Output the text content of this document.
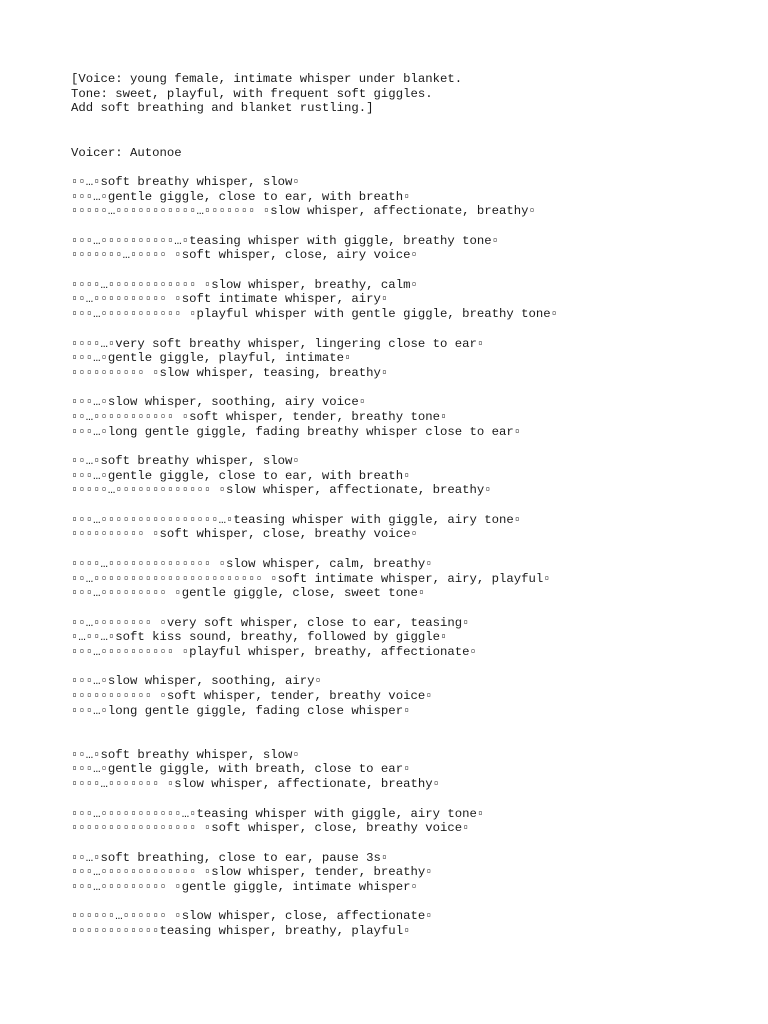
[Voice: young female, intimate whisper under blanket.
Tone: sweet, playful, with frequent soft giggles.
Add soft breathing and blanket rustling.]
Voicer: Autonoe
▫▫…▫soft breathy whisper, slow▫
▫▫▫…▫gentle giggle, close to ear, with breath▫
▫▫▫▫▫…▫▫▫▫▫▫▫▫▫▫▫…▫▫▫▫▫▫▫ ▫slow whisper, affectionate, breathy▫
▫▫▫…▫▫▫▫▫▫▫▫▫▫…▫teasing whisper with giggle, breathy tone▫
▫▫▫▫▫▫▫…▫▫▫▫▫ ▫soft whisper, close, airy voice▫
▫▫▫▫…▫▫▫▫▫▫▫▫▫▫▫▫ ▫slow whisper, breathy, calm▫
▫▫…▫▫▫▫▫▫▫▫▫▫ ▫soft intimate whisper, airy▫
▫▫▫…▫▫▫▫▫▫▫▫▫▫▫ ▫playful whisper with gentle giggle, breathy tone▫
▫▫▫▫…▫very soft breathy whisper, lingering close to ear▫
▫▫▫…▫gentle giggle, playful, intimate▫
▫▫▫▫▫▫▫▫▫▫ ▫slow whisper, teasing, breathy▫
▫▫▫…▫slow whisper, soothing, airy voice▫
▫▫…▫▫▫▫▫▫▫▫▫▫▫ ▫soft whisper, tender, breathy tone▫
▫▫▫…▫long gentle giggle, fading breathy whisper close to ear▫
▫▫…▫soft breathy whisper, slow▫
▫▫▫…▫gentle giggle, close to ear, with breath▫
▫▫▫▫▫…▫▫▫▫▫▫▫▫▫▫▫▫▫ ▫slow whisper, affectionate, breathy▫
▫▫▫…▫▫▫▫▫▫▫▫▫▫▫▫▫▫▫▫…▫teasing whisper with giggle, airy tone▫
▫▫▫▫▫▫▫▫▫▫ ▫soft whisper, close, breathy voice▫
▫▫▫▫…▫▫▫▫▫▫▫▫▫▫▫▫▫▫ ▫slow whisper, calm, breathy▫
▫▫…▫▫▫▫▫▫▫▫▫▫▫▫▫▫▫▫▫▫▫▫▫▫▫ ▫soft intimate whisper, airy, playful▫
▫▫▫…▫▫▫▫▫▫▫▫▫ ▫gentle giggle, close, sweet tone▫
▫▫…▫▫▫▫▫▫▫▫ ▫very soft whisper, close to ear, teasing▫
▫…▫▫…▫soft kiss sound, breathy, followed by giggle▫
▫▫▫…▫▫▫▫▫▫▫▫▫▫ ▫playful whisper, breathy, affectionate▫
▫▫▫…▫slow whisper, soothing, airy▫
▫▫▫▫▫▫▫▫▫▫▫ ▫soft whisper, tender, breathy voice▫
▫▫▫…▫long gentle giggle, fading close whisper▫
▫▫…▫soft breathy whisper, slow▫
▫▫▫…▫gentle giggle, with breath, close to ear▫
▫▫▫▫…▫▫▫▫▫▫▫ ▫slow whisper, affectionate, breathy▫
▫▫▫…▫▫▫▫▫▫▫▫▫▫▫…▫teasing whisper with giggle, airy tone▫
▫▫▫▫▫▫▫▫▫▫▫▫▫▫▫▫▫ ▫soft whisper, close, breathy voice▫
▫▫…▫soft breathing, close to ear, pause 3s▫
▫▫▫…▫▫▫▫▫▫▫▫▫▫▫▫▫ ▫slow whisper, tender, breathy▫
▫▫▫…▫▫▫▫▫▫▫▫▫ ▫gentle giggle, intimate whisper▫
▫▫▫▫▫▫…▫▫▫▫▫▫ ▫slow whisper, close, affectionate▫
▫▫▫▫▫▫▫▫▫▫▫▫teasing whisper, breathy, playful▫
